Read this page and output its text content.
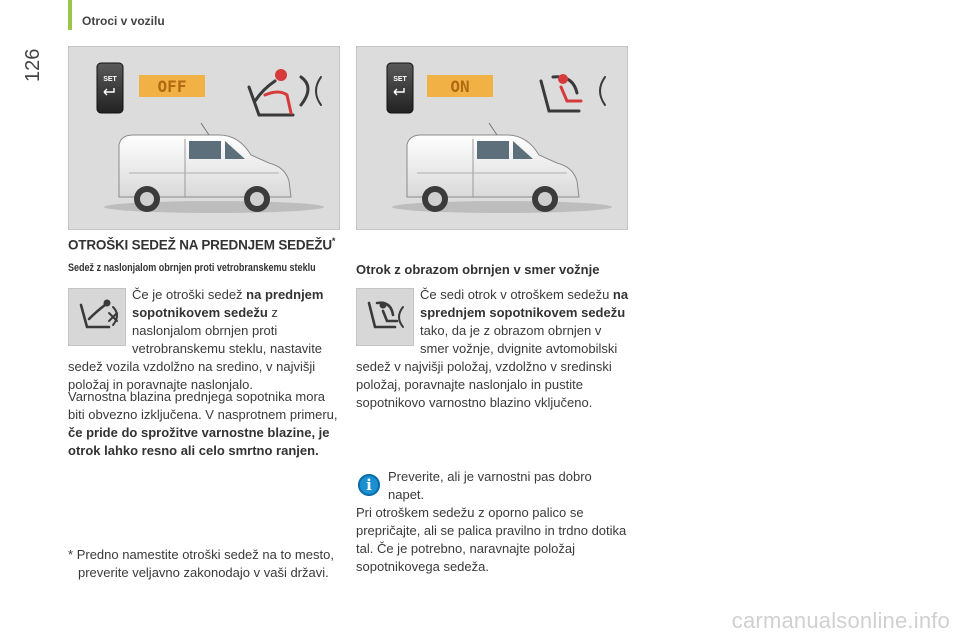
126
Otroci v vozilu
SET	OFF	SET	ON
OTROŠKI SEDEŽ NA PREDNJEM SEDEŽU*
Sedež z naslonjalom obrnjen proti vetrobranskemu steklu
Če je otroški sedež na prednjem sopotnikovem sedežu z naslonjalom obrnjen proti vetrobranskemu steklu, nastavite sedež vozila vzdolžno na sredino, v najvišji položaj in poravnajte naslonjalo.
Varnostna blazina prednjega sopotnika mora biti obvezno izključena. V nasprotnem primeru, če pride do sprožitve varnostne blazine, je otrok lahko resno ali celo smrtno ranjen.
* Predno namestite otroški sedež na to mesto, preverite veljavno zakonodajo v vaši državi.
Otrok z obrazom obrnjen v smer vožnje
Če sedi otrok v otroškem sedežu na sprednjem sopotnikovem sedežu tako, da je z obrazom obrnjen v smer vožnje, dvignite avtomobilski sedež v najvišji položaj, vzdolžno v sredinski položaj, poravnajte naslonjalo in pustite sopotnikovo varnostno blazino vključeno.
i	Preverite, ali je varnostni pas dobro napet.
Pri otroškem sedežu z oporno palico se prepričajte, ali se palica pravilno in trdno dotika tal. Če je potrebno, naravnajte položaj sopotnikovega sedeža.
carmanualsonline.info
